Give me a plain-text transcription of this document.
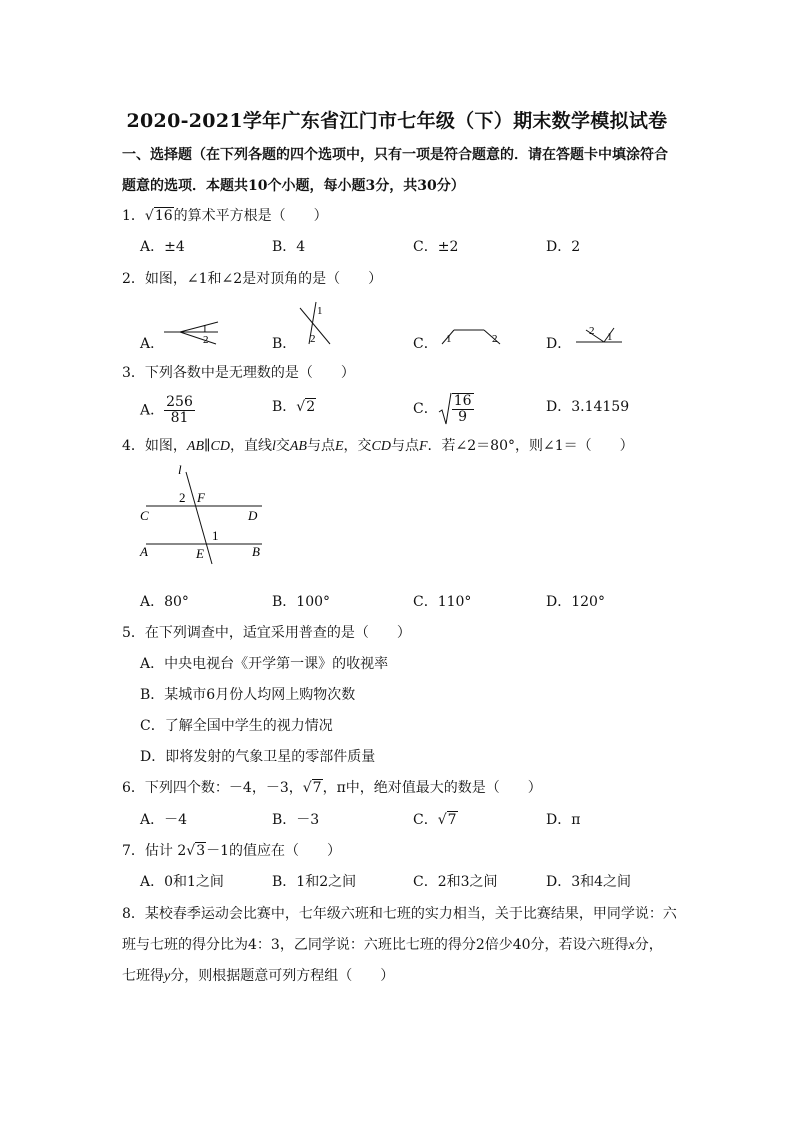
2020-2021学年广东省江门市七年级（下）期末数学模拟试卷
一、选择题（在下列各题的四个选项中，只有一项是符合题意的．请在答题卡中填涂符合
题意的选项．本题共10个小题，每小题3分，共30分）
1．√16的算术平方根是（　　）
A．±4	B．4	C．±2	D．2
2．如图，∠1和∠2是对顶角的是（　　）
A．	B．	C．	D．
1
2
1
2	1	2
2 1
3．下列各数中是无理数的是（　　）
A． $\frac{256}{81}$	B．√2	C． $\frac{16}{9}$	D．3.14159
4．如图，AB∥CD，直线l交AB与点E，交CD与点F．若∠2＝80°，则∠1＝（　　）
l
2 F
C	D
A	E	B
1
A．80°	B．100°	C．110°	D．120°
5．在下列调查中，适宜采用普查的是（　　）
A．中央电视台《开学第一课》的收视率
B．某城市6月份人均网上购物次数
C．了解全国中学生的视力情况
D．即将发射的气象卫星的零部件质量
6．下列四个数：－4，－3，√7，π中，绝对值最大的数是（　　）
A．－4	B．－3	C．√7	D．π
7．估计 2√3－1的值应在（　　）
A．0和1之间	B．1和2之间	C．2和3之间	D．3和4之间
8．某校春季运动会比赛中，七年级六班和七班的实力相当，关于比赛结果，甲同学说：六
班与七班的得分比为4：3，乙同学说：六班比七班的得分2倍少40分，若设六班得x分，
七班得y分，则根据题意可列方程组（　　）
